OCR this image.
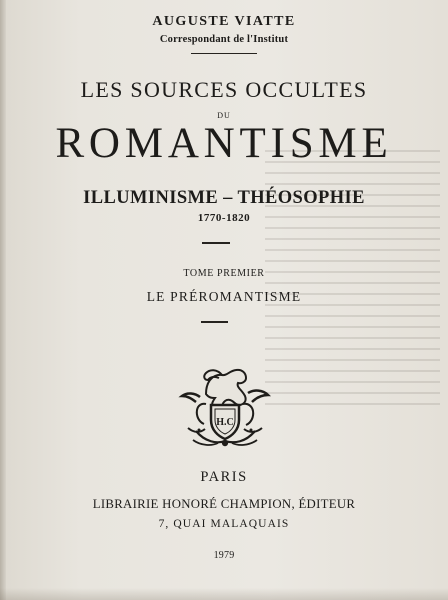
AUGUSTE VIATTE
Correspondant de l'Institut
LES SOURCES OCCULTES
DU
ROMANTISME
ILLUMINISME – THÉOSOPHIE
1770-1820
TOME PREMIER
LE PRÉROMANTISME
H.C
PARIS
LIBRAIRIE HONORÉ CHAMPION, ÉDITEUR
7, QUAI MALAQUAIS
1979
